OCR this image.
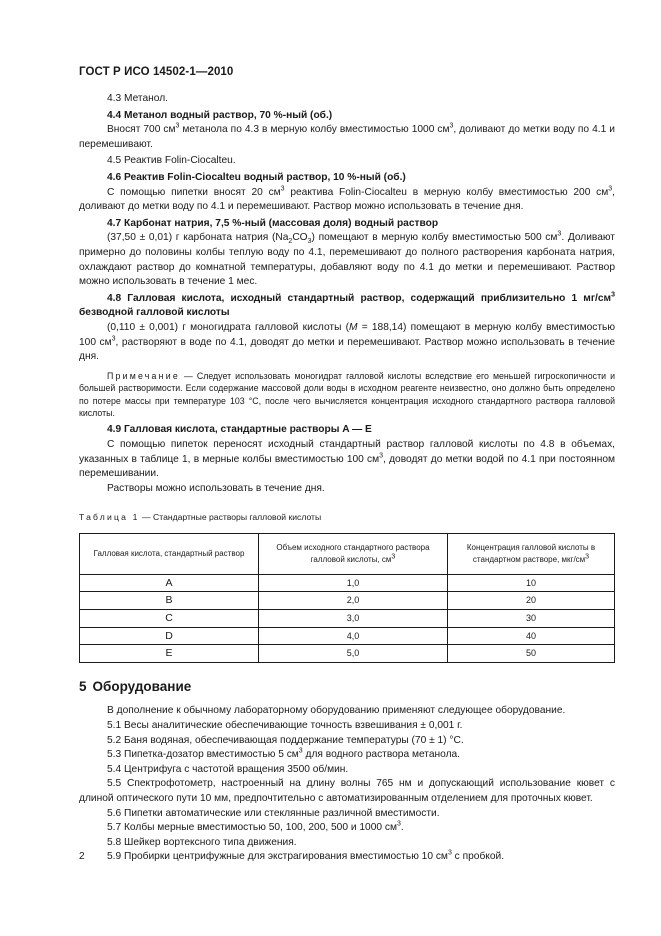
ГОСТ Р ИСО 14502-1—2010

4.3 Метанол.

4.4 Метанол водный раствор, 70 %-ный (об.)

Вносят 700 $см^3$ метанола по 4.3 в мерную колбу вместимостью 1000 $см^3$, доливают до метки воду по 4.1 и перемешивают.

4.5 Реактив Folin-Ciocalteu.

4.6 Реактив Folin-Ciocalteu водный раствор, 10 %-ный (об.)

С помощью пипетки вносят 20 $см^3$ реактива Folin-Ciocalteu в мерную колбу вместимостью 200 $см^3$, доливают до метки воду по 4.1 и перемешивают. Раствор можно использовать в течение дня.

4.7 Карбонат натрия, 7,5 %-ный (массовая доля) водный раствор

(37,50 ± 0,01) г карбоната натрия $(Na_2CO_3)$ помещают в мерную колбу вместимостью 500 $см^3$. Доливают примерно до половины колбы теплую воду по 4.1, перемешивают до полного растворения карбоната натрия, охлаждают раствор до комнатной температуры, добавляют воду по 4.1 до метки и перемешивают. Раствор можно использовать в течение 1 мес.

4.8 Галловая кислота, исходный стандартный раствор, содержащий приблизительно 1 $мг/см^3$ безводной галловой кислоты

(0,110 ± 0,001) г моногидрата галловой кислоты (M = 188,14) помещают в мерную колбу вместимостью 100 $см^3$, растворяют в воде по 4.1, доводят до метки и перемешивают. Раствор можно использовать в течение дня.

Примечание — Следует использовать моногидрат галловой кислоты вследствие его меньшей гигроскопичности и большей растворимости. Если содержание массовой доли воды в исходном реагенте неизвестно, оно должно быть определено по потере массы при температуре 103 °С, после чего вычисляется концентрация исходного стандартного раствора галловой кислоты.

4.9 Галловая кислота, стандартные растворы A — E

С помощью пипеток переносят исходный стандартный раствор галловой кислоты по 4.8 в объемах, указанных в таблице 1, в мерные колбы вместимостью 100 $см^3$, доводят до метки водой по 4.1 при постоянном перемешивании.

Растворы можно использовать в течение дня.

Таблица 1 — Стандартные растворы галловой кислоты
Галловая кислота, стандартный раствор	Объем исходного стандартного раствора галловой кислоты, $см^3$	Концентрация галловой кислоты в стандартном растворе, мкг/$см^3$
A	1,0	10
B	2,0	20
C	3,0	30
D	4,0	40
E	5,0	50
5 Оборудование

В дополнение к обычному лабораторному оборудованию применяют следующее оборудование.

5.1 Весы аналитические обеспечивающие точность взвешивания ± 0,001 г.

5.2 Баня водяная, обеспечивающая поддержание температуры (70 ± 1) °С.

5.3 Пипетка-дозатор вместимостью 5 $см^3$ для водного раствора метанола.

5.4 Центрифуга с частотой вращения 3500 об/мин.

5.5 Спектрофотометр, настроенный на длину волны 765 нм и допускающий использование кювет с длиной оптического пути 10 мм, предпочтительно с автоматизированным отделением для проточных кювет.

5.6 Пипетки автоматические или стеклянные различной вместимости.

5.7 Колбы мерные вместимостью 50, 100, 200, 500 и 1000 $см^3$.

5.8 Шейкер вортексного типа движения.

5.9 Пробирки центрифужные для экстрагирования вместимостью 10 $см^3$ с пробкой.

2
